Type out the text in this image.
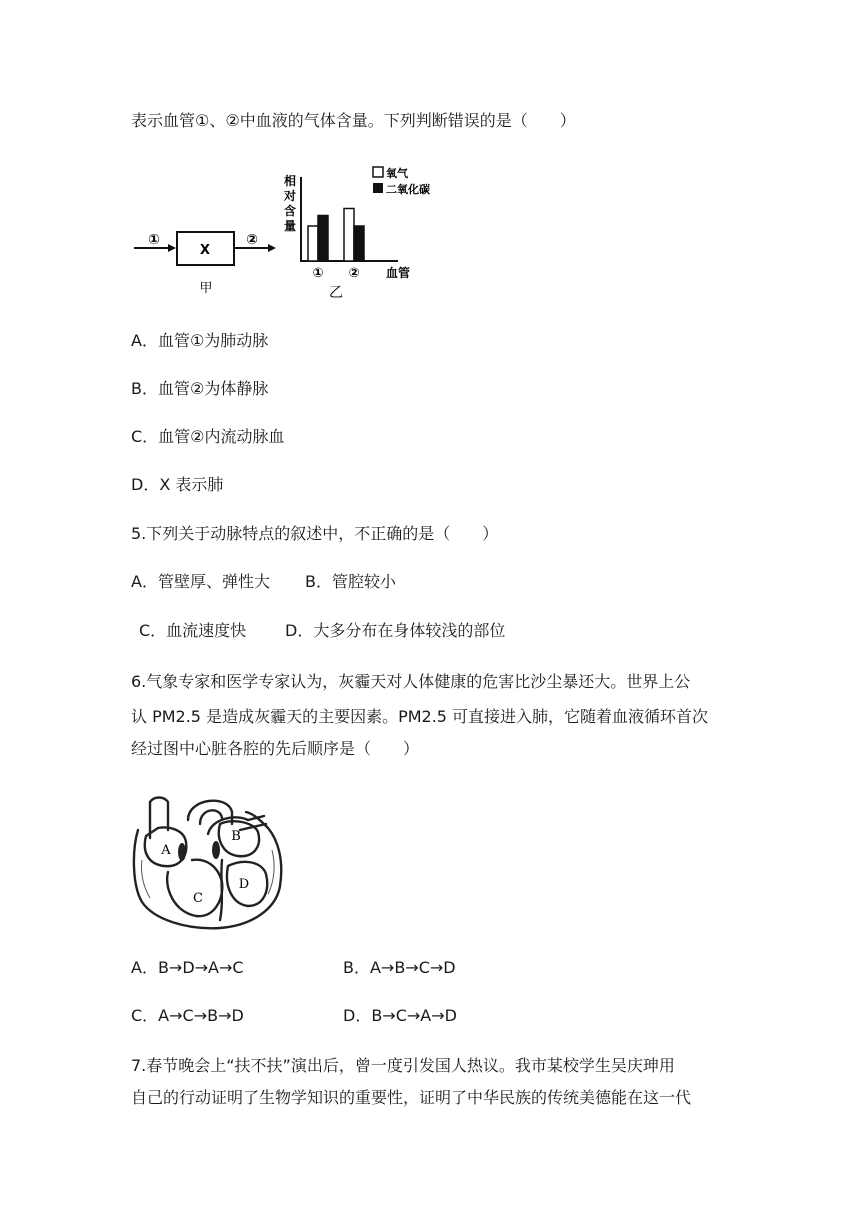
表示血管①、②中血液的气体含量。下列判断错误的是（　　）
①
X
②
甲
相
对
含
量
氧气
二氧化碳
① ② 血管
乙
A．血管①为肺动脉
B．血管②为体静脉
C．血管②内流动脉血
D．X 表示肺
5.下列关于动脉特点的叙述中，不正确的是（　　）
A．管壁厚、弹性大 B．管腔较小
C．血流速度快 D．大多分布在身体较浅的部位
6.气象专家和医学专家认为，灰霾天对人体健康的危害比沙尘暴还大。世界上公
认 PM2.5 是造成灰霾天的主要因素。PM2.5 可直接进入肺，它随着血液循环首次
经过图中心脏各腔的先后顺序是（　　）
A
B
C
D
A．B→D→A→C	B．A→B→C→D
C．A→C→B→D	D．B→C→A→D
7.春节晚会上“扶不扶”演出后，曾一度引发国人热议。我市某校学生吴庆珅用
自己的行动证明了生物学知识的重要性，证明了中华民族的传统美德能在这一代
